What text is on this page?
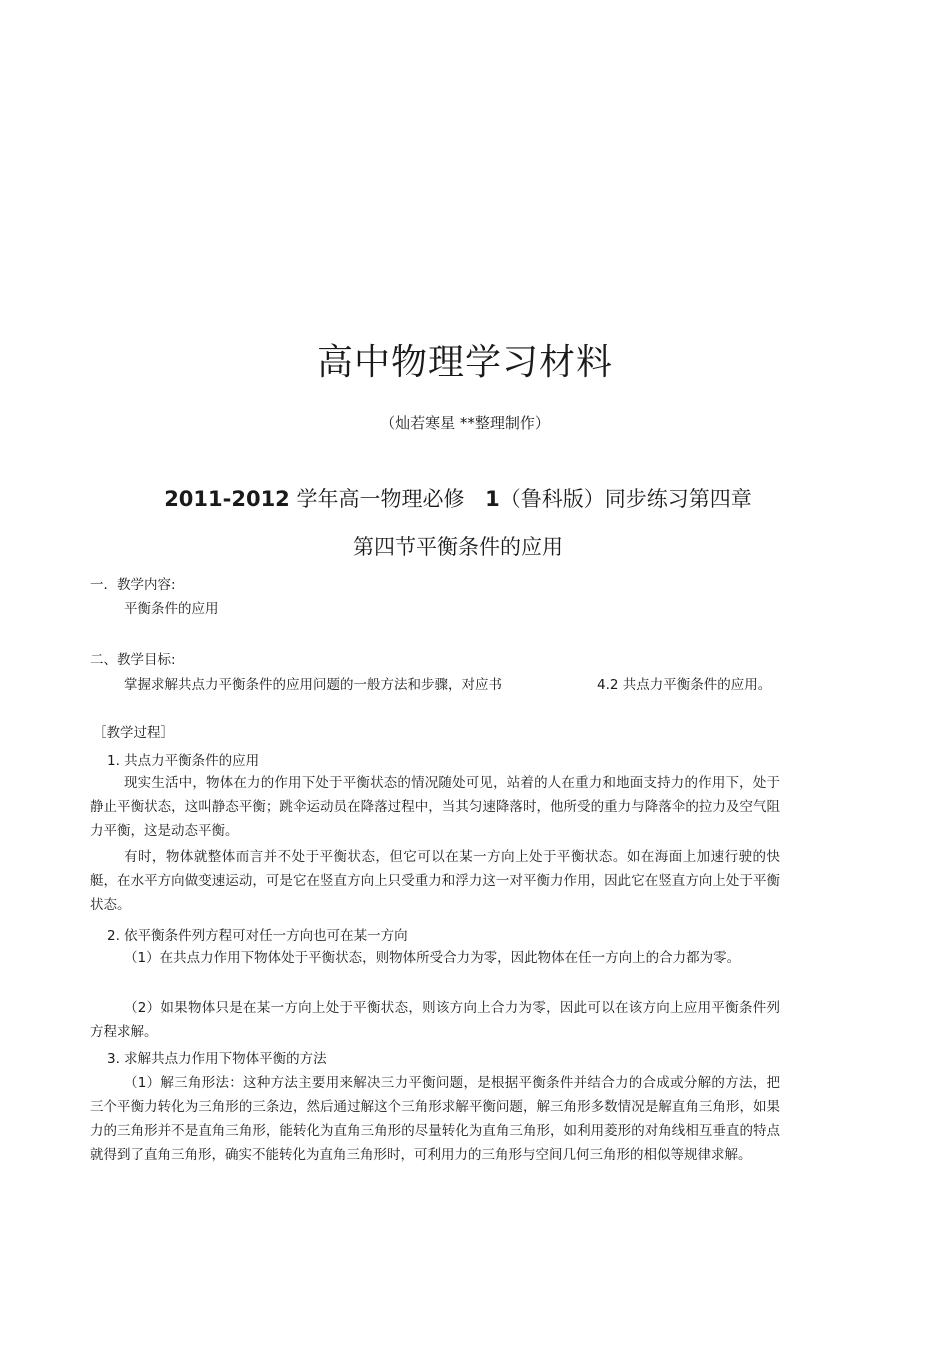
高中物理学习材料
（灿若寒星 **整理制作）
2011-2012 学年高一物理必修 1（鲁科版）同步练习第四章
第四节平衡条件的应用
一．教学内容:
平衡条件的应用
二、教学目标:
掌握求解共点力平衡条件的应用问题的一般方法和步骤，对应书	4.2 共点力平衡条件的应用。
［教学过程］
1. 共点力平衡条件的应用
现实生活中，物体在力的作用下处于平衡状态的情况随处可见，站着的人在重力和地面支持力的作用下，处于静止平衡状态，这叫静态平衡；跳伞运动员在降落过程中，当其匀速降落时，他所受的重力与降落伞的拉力及空气阻力平衡，这是动态平衡。
有时，物体就整体而言并不处于平衡状态，但它可以在某一方向上处于平衡状态。如在海面上加速行驶的快艇，在水平方向做变速运动，可是它在竖直方向上只受重力和浮力这一对平衡力作用，因此它在竖直方向上处于平衡状态。
2. 依平衡条件列方程可对任一方向也可在某一方向
（1）在共点力作用下物体处于平衡状态，则物体所受合力为零，因此物体在任一方向上的合力都为零。
（2）如果物体只是在某一方向上处于平衡状态，则该方向上合力为零，因此可以在该方向上应用平衡条件列方程求解。
3. 求解共点力作用下物体平衡的方法
（1）解三角形法：这种方法主要用来解决三力平衡问题，是根据平衡条件并结合力的合成或分解的方法，把三个平衡力转化为三角形的三条边，然后通过解这个三角形求解平衡问题，解三角形多数情况是解直角三角形，如果力的三角形并不是直角三角形，能转化为直角三角形的尽量转化为直角三角形，如利用菱形的对角线相互垂直的特点就得到了直角三角形，确实不能转化为直角三角形时，可利用力的三角形与空间几何三角形的相似等规律求解。
